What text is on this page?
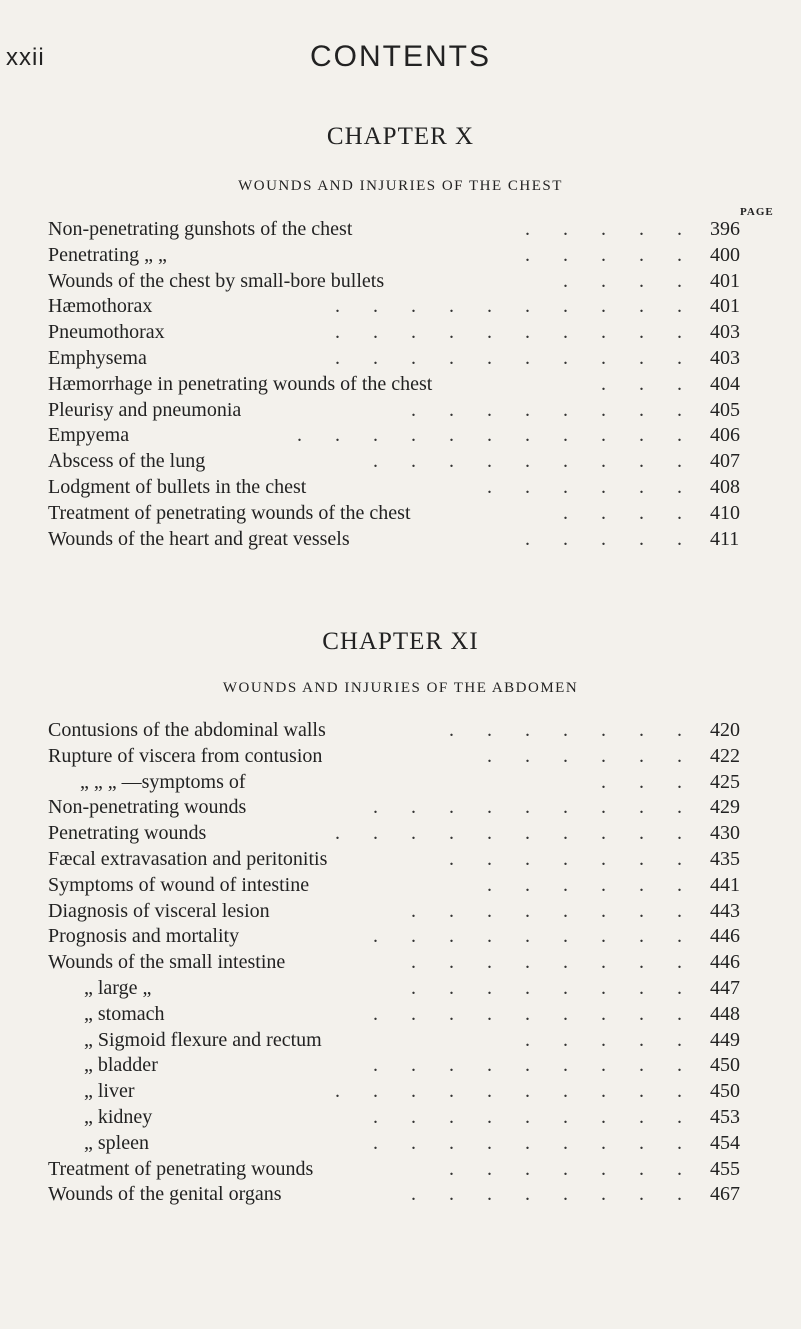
xxii	CONTENTS
CHAPTER X
WOUNDS AND INJURIES OF THE CHEST
PAGE
Non-penetrating gunshots of the chest	. . . . . 396
Penetrating „ „	. . . . . 400
Wounds of the chest by small-bore bullets	. . . . 401
Hæmothorax	. . . . . . . . . . 401
Pneumothorax	. . . . . . . . . . 403
Emphysema	. . . . . . . . . . 403
Hæmorrhage in penetrating wounds of the chest	. . . 404
Pleurisy and pneumonia	. . . . . . . . 405
Empyema	. . . . . . . . . . . 406
Abscess of the lung	. . . . . . . . . 407
Lodgment of bullets in the chest	. . . . . . 408
Treatment of penetrating wounds of the chest	. . . . 410
Wounds of the heart and great vessels	. . . . . 411
CHAPTER XI
WOUNDS AND INJURIES OF THE ABDOMEN
Contusions of the abdominal walls	. . . . . . . 420
Rupture of viscera from contusion	. . . . . . 422
„ „ „ —symptoms of	. . . 425
Non-penetrating wounds	. . . . . . . . . 429
Penetrating wounds	. . . . . . . . . . 430
Fæcal extravasation and peritonitis	. . . . . . . 435
Symptoms of wound of intestine	. . . . . . 441
Diagnosis of visceral lesion	. . . . . . . . 443
Prognosis and mortality	. . . . . . . . . 446
Wounds of the small intestine	. . . . . . . . 446
„ large „	. . . . . . . . 447
„ stomach	. . . . . . . . . 448
„ Sigmoid flexure and rectum	. . . . . 449
„ bladder	. . . . . . . . . 450
„ liver	. . . . . . . . . . 450
„ kidney	. . . . . . . . . 453
„ spleen	. . . . . . . . . 454
Treatment of penetrating wounds	. . . . . . . 455
Wounds of the genital organs	. . . . . . . . 467
